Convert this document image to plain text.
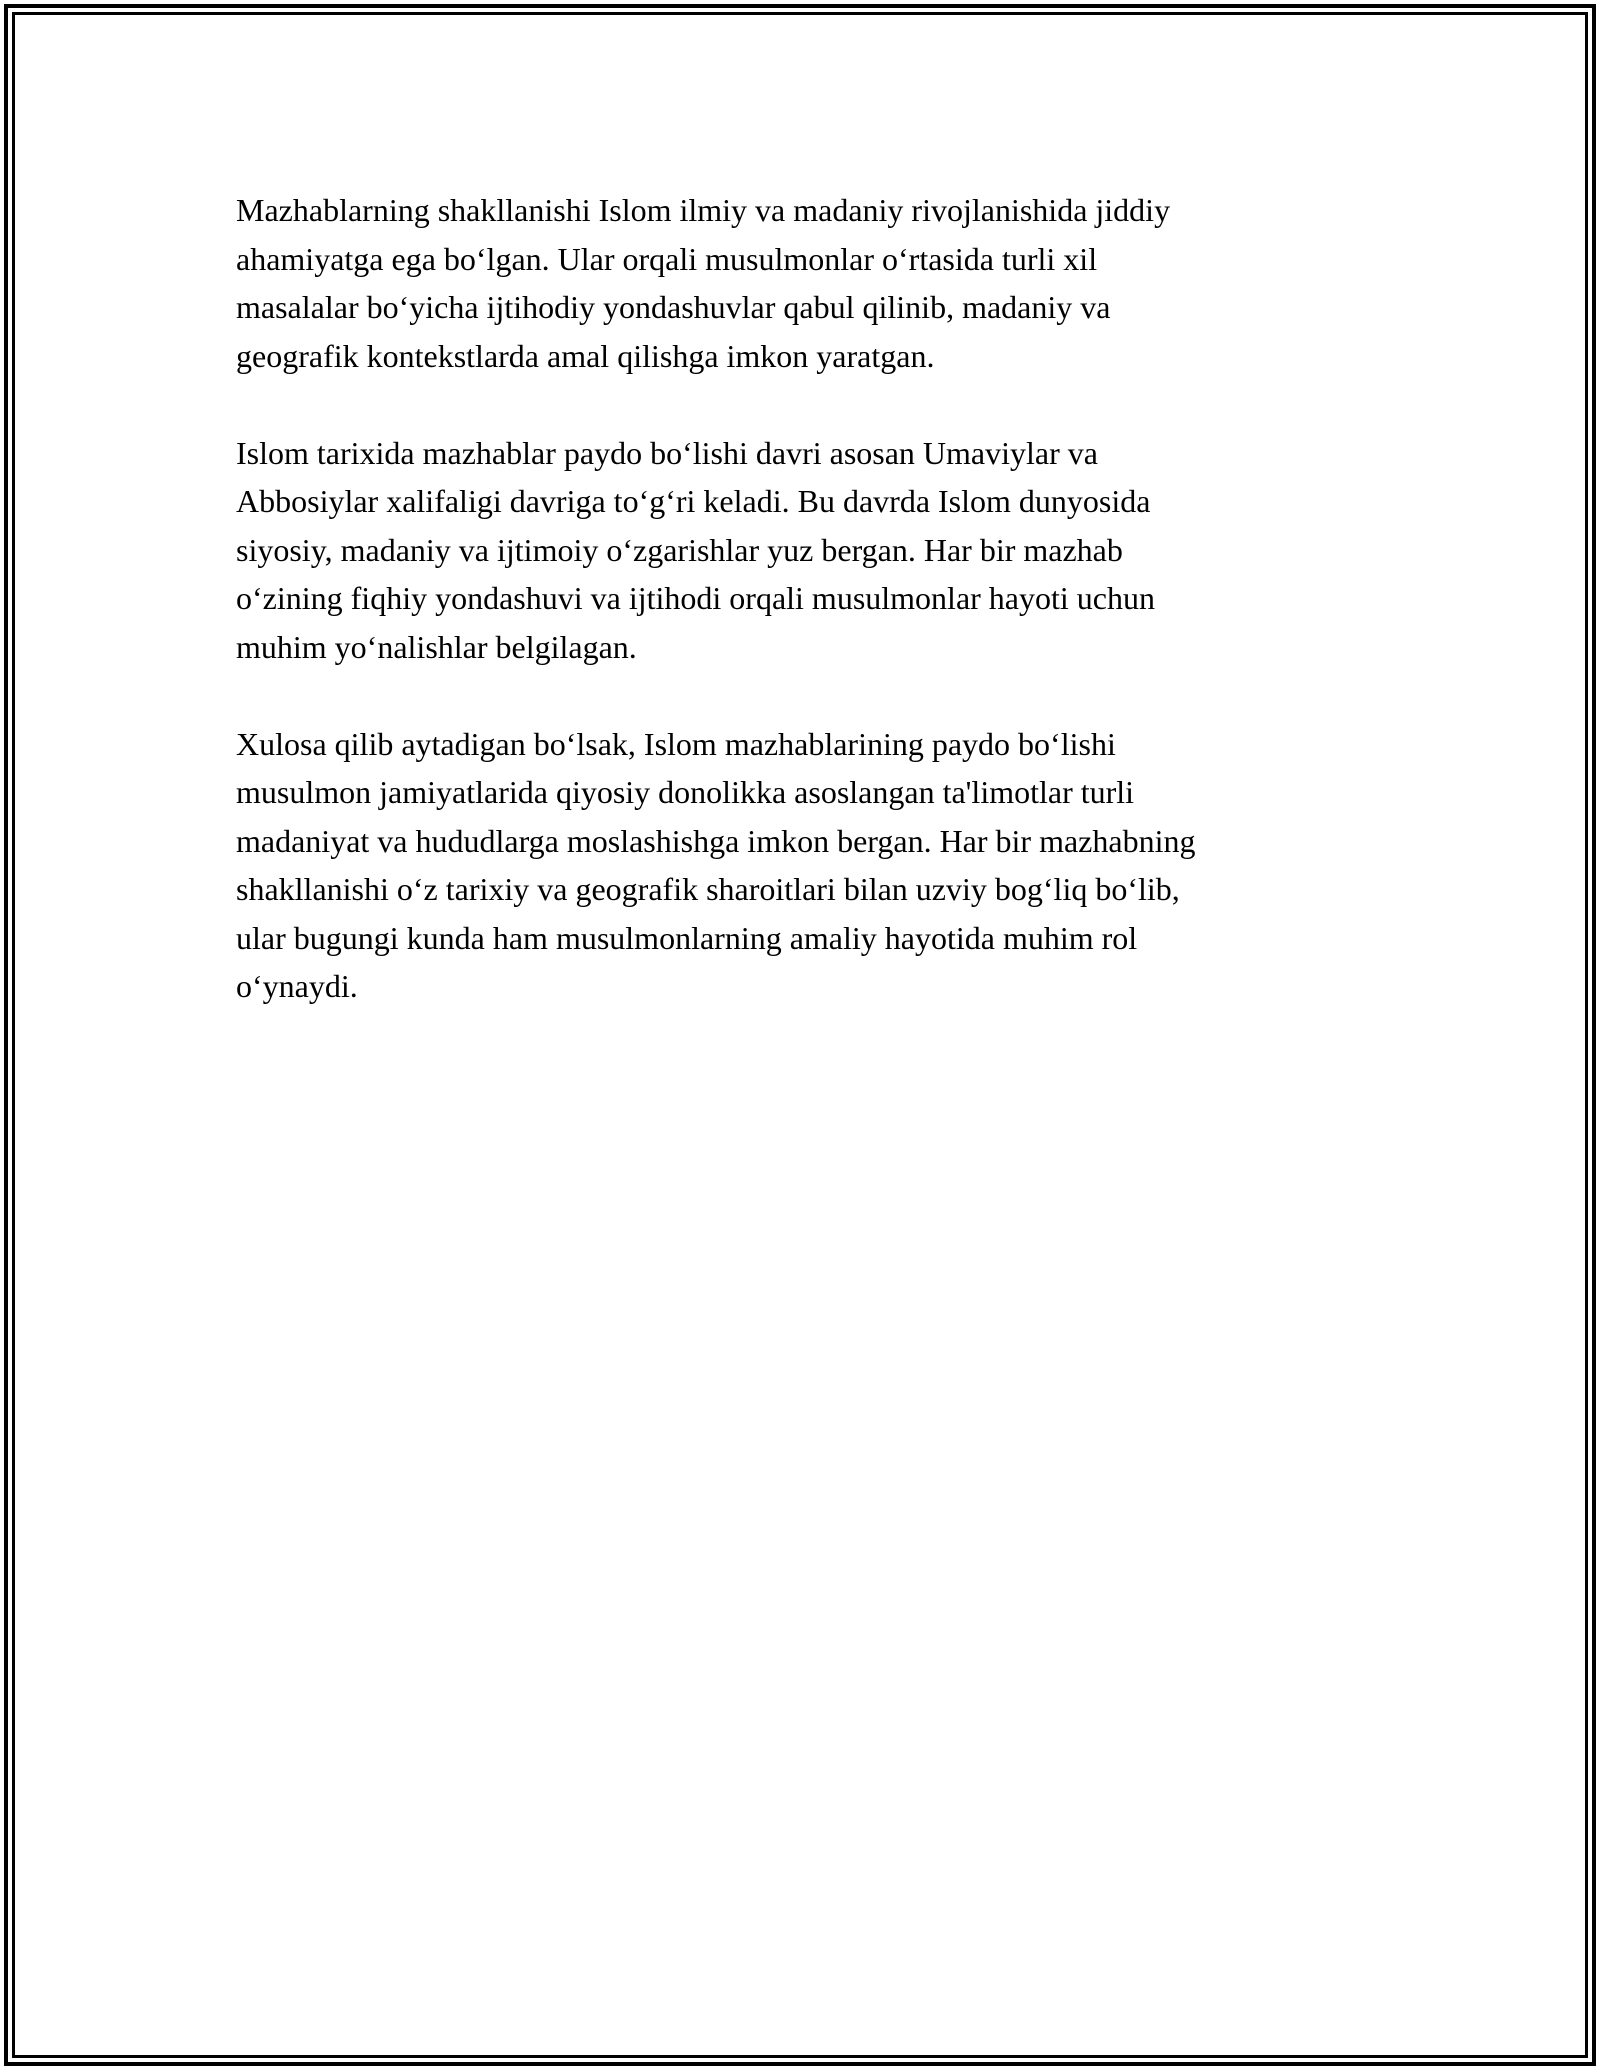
Mazhablarning shakllanishi Islom ilmiy va madaniy rivojlanishida jiddiy
ahamiyatga ega bo‘lgan. Ular orqali musulmonlar o‘rtasida turli xil
masalalar bo‘yicha ijtihodiy yondashuvlar qabul qilinib, madaniy va
geografik kontekstlarda amal qilishga imkon yaratgan.

Islom tarixida mazhablar paydo bo‘lishi davri asosan Umaviylar va
Abbosiylar xalifaligi davriga to‘g‘ri keladi. Bu davrda Islom dunyosida
siyosiy, madaniy va ijtimoiy o‘zgarishlar yuz bergan. Har bir mazhab
o‘zining fiqhiy yondashuvi va ijtihodi orqali musulmonlar hayoti uchun
muhim yo‘nalishlar belgilagan.

Xulosa qilib aytadigan bo‘lsak, Islom mazhablarining paydo bo‘lishi
musulmon jamiyatlarida qiyosiy donolikka asoslangan ta'limotlar turli
madaniyat va hududlarga moslashishga imkon bergan. Har bir mazhabning
shakllanishi o‘z tarixiy va geografik sharoitlari bilan uzviy bog‘liq bo‘lib,
ular bugungi kunda ham musulmonlarning amaliy hayotida muhim rol
o‘ynaydi.
